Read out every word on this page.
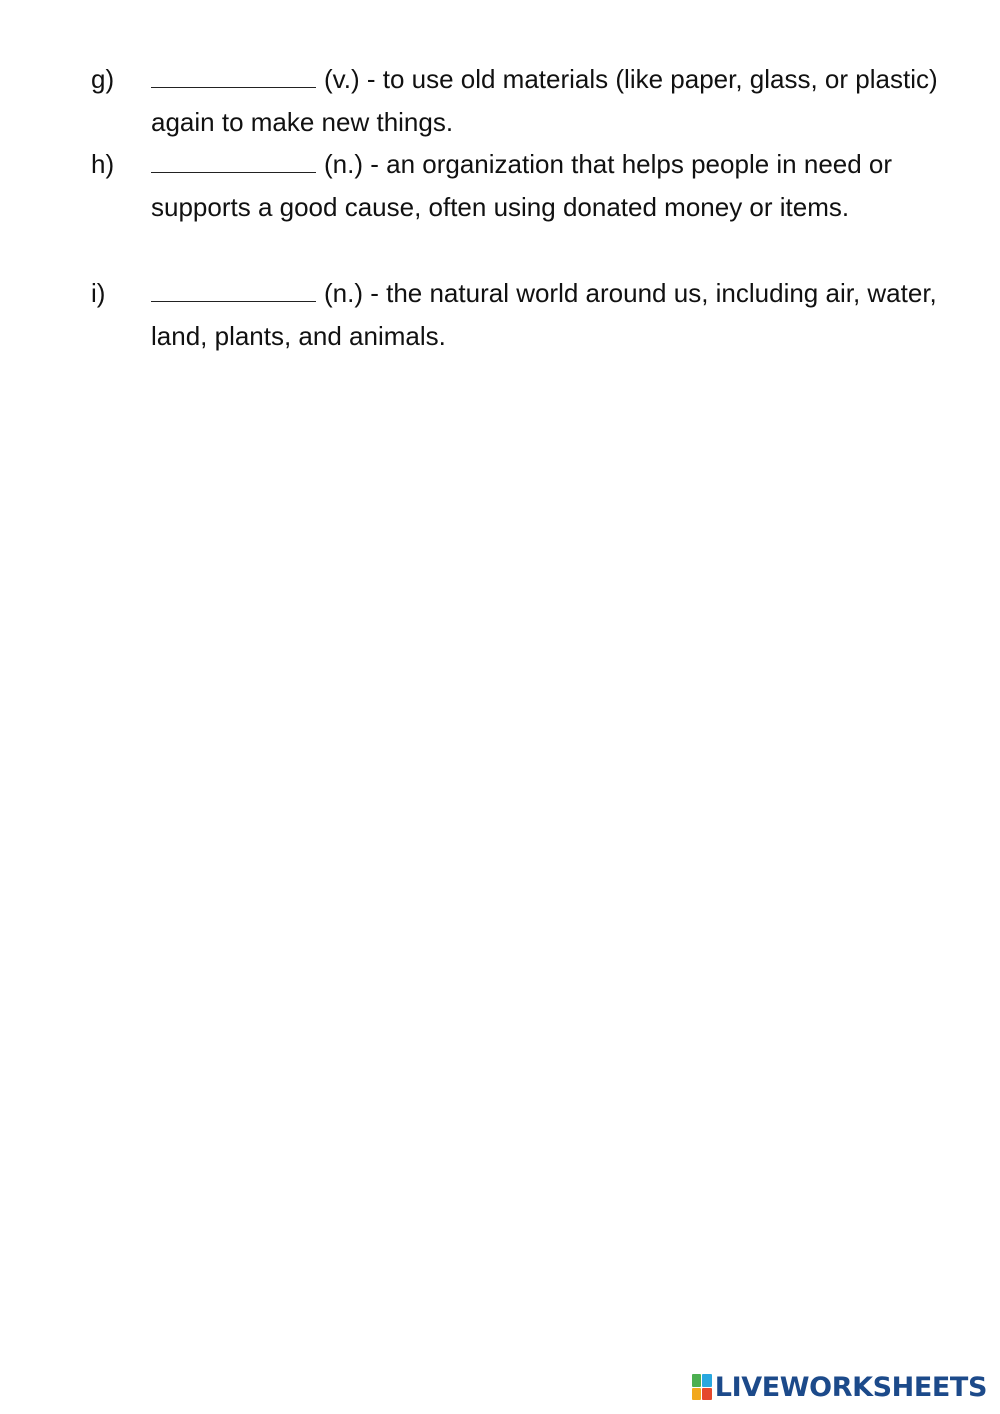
g)	(v.) - to use old materials (like paper, glass, or plastic) again to make new things.
h)	(n.) - an organization that helps people in need or supports a good cause, often using donated money or items.
i)	(n.) - the natural world around us, including air, water, land, plants, and animals.
LIVEWORKSHEETS
